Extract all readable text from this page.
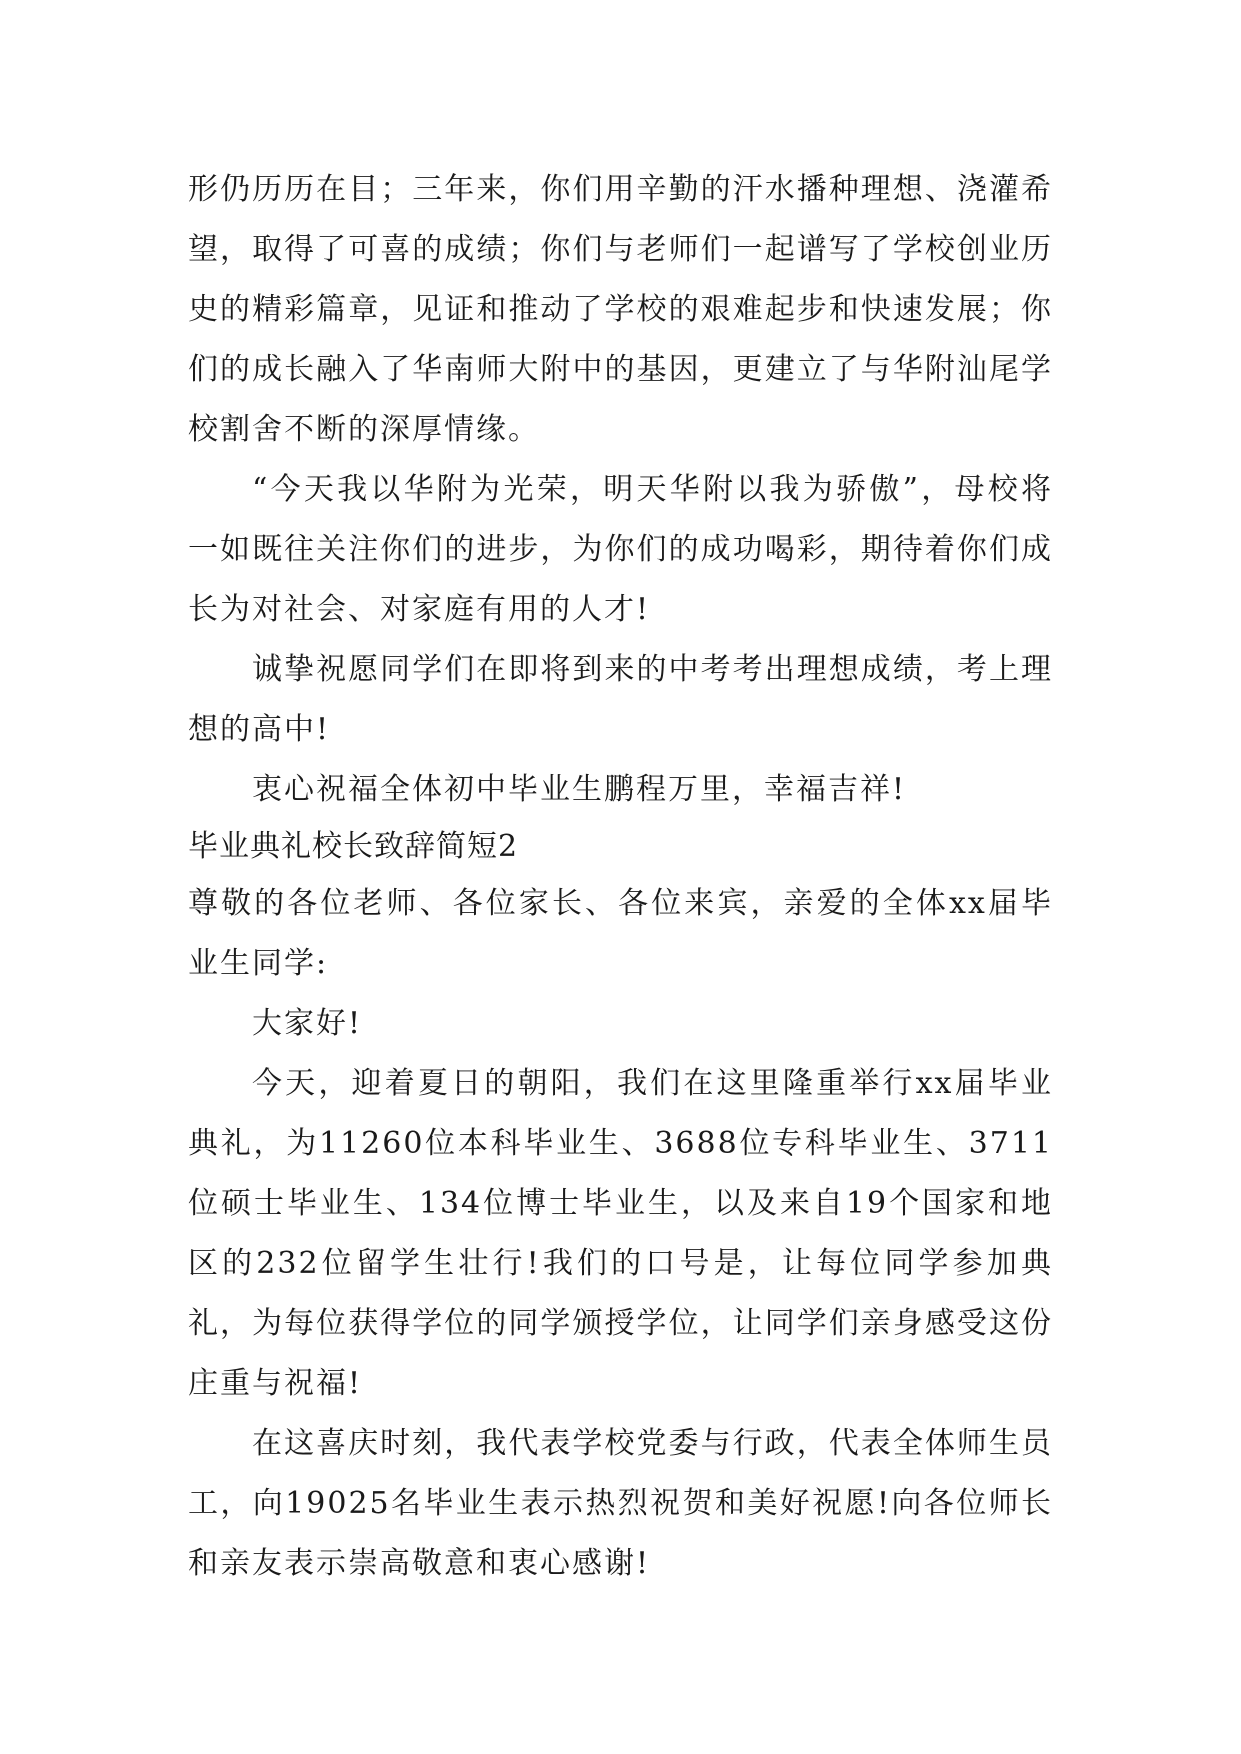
形仍历历在目；三年来，你们用辛勤的汗水播种理想、浇灌希望，取得了可喜的成绩；你们与老师们一起谱写了学校创业历史的精彩篇章，见证和推动了学校的艰难起步和快速发展；你们的成长融入了华南师大附中的基因，更建立了与华附汕尾学校割舍不断的深厚情缘。

“今天我以华附为光荣，明天华附以我为骄傲”，母校将一如既往关注你们的进步，为你们的成功喝彩，期待着你们成长为对社会、对家庭有用的人才!

诚挚祝愿同学们在即将到来的中考考出理想成绩，考上理想的高中!

衷心祝福全体初中毕业生鹏程万里，幸福吉祥!

毕业典礼校长致辞简短2

尊敬的各位老师、各位家长、各位来宾，亲爱的全体xx届毕业生同学:

大家好!

今天，迎着夏日的朝阳，我们在这里隆重举行xx届毕业典礼，为11260位本科毕业生、3688位专科毕业生、3711位硕士毕业生、134位博士毕业生，以及来自19个国家和地区的232位留学生壮行!我们的口号是，让每位同学参加典礼，为每位获得学位的同学颁授学位，让同学们亲身感受这份庄重与祝福!

在这喜庆时刻，我代表学校党委与行政，代表全体师生员工，向19025名毕业生表示热烈祝贺和美好祝愿!向各位师长和亲友表示崇高敬意和衷心感谢!
